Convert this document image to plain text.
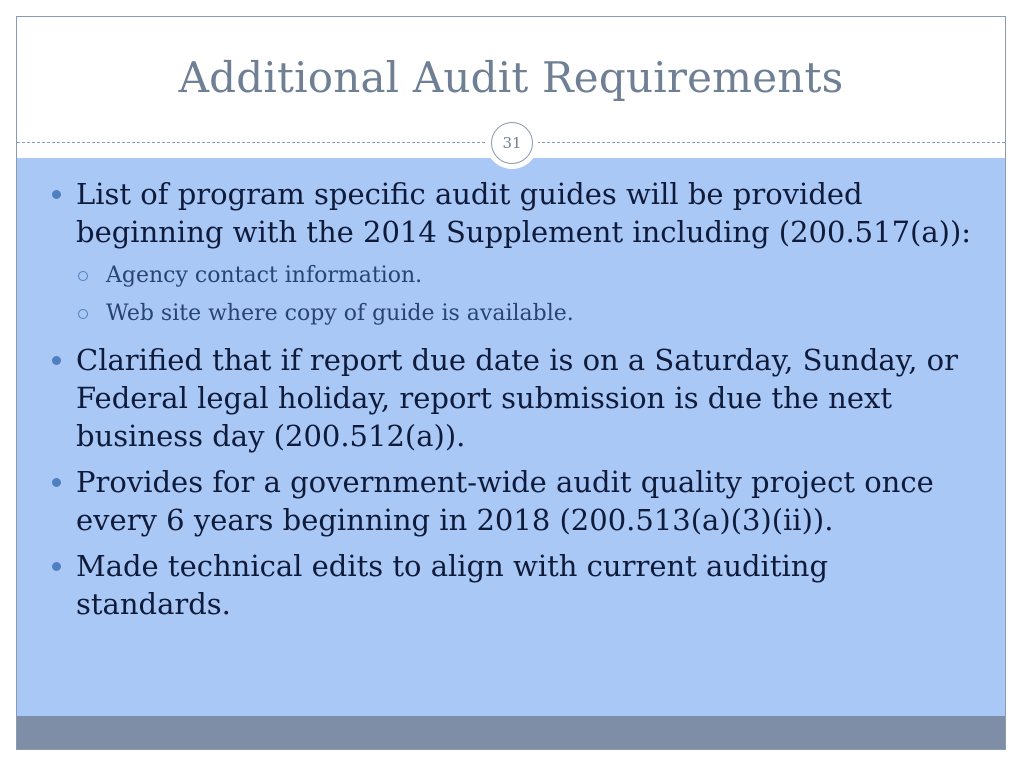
Additional Audit Requirements
31
List of program specific audit guides will be provided beginning with the 2014 Supplement including (200.517(a)):
Agency contact information.
Web site where copy of guide is available.
Clarified that if report due date is on a Saturday, Sunday, or Federal legal holiday, report submission is due the next business day (200.512(a)).
Provides for a government-wide audit quality project once every 6 years beginning in 2018 (200.513(a)(3)(ii)).
Made technical edits to align with current auditing standards.
